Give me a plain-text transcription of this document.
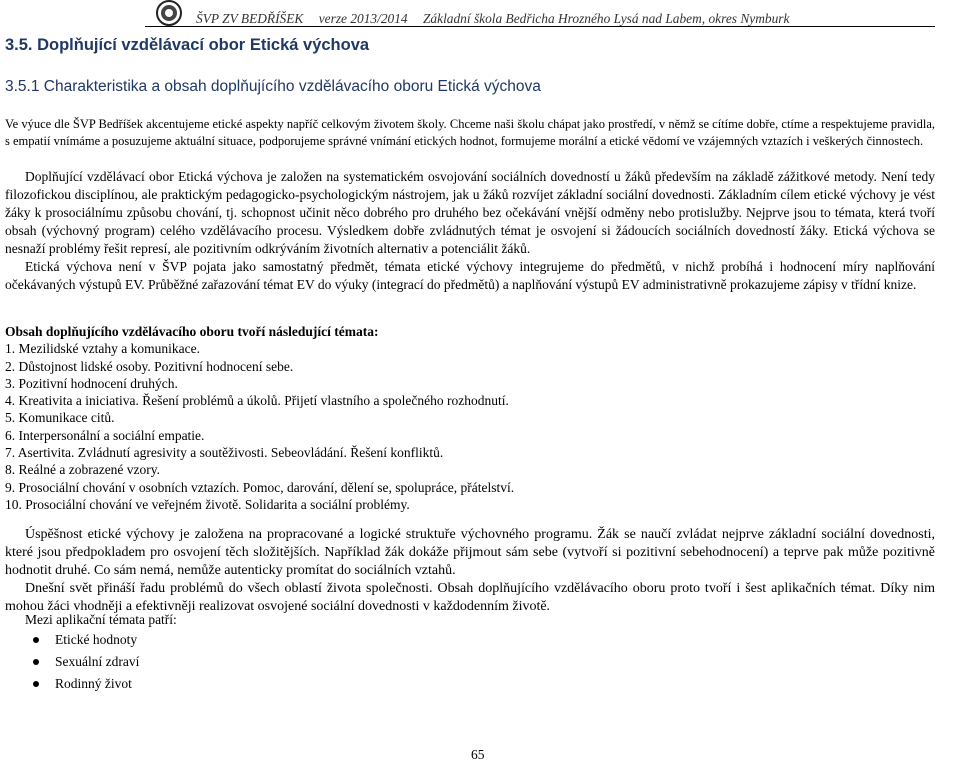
ŠVP ZV BEDŘÍŠEK verze 2013/2014 Základní škola Bedřicha Hrozného Lysá nad Labem, okres Nymburk
3.5. Doplňující vzdělávací obor Etická výchova
3.5.1 Charakteristika a obsah doplňujícího vzdělávacího oboru Etická výchova

Ve výuce dle ŠVP Bedříšek akcentujeme etické aspekty napříč celkovým životem školy. Chceme naši školu chápat jako prostředí, v němž se cítíme dobře, ctíme a respektujeme pravidla, s empatií vnímáme a posuzujeme aktuální situace, podporujeme správné vnímání etických hodnot, formujeme morální a etické vědomí ve vzájemných vztazích i veškerých činnostech.

Doplňující vzdělávací obor Etická výchova je založen na systematickém osvojování sociálních dovedností u žáků především na základě zážitkové metody. Není tedy filozofickou disciplínou, ale praktickým pedagogicko-psychologickým nástrojem, jak u žáků rozvíjet základní sociální dovednosti. Základním cílem etické výchovy je vést žáky k prosociálnímu způsobu chování, tj. schopnost učinit něco dobrého pro druhého bez očekávání vnější odměny nebo protislužby. Nejprve jsou to témata, která tvoří obsah (výchovný program) celého vzdělávacího procesu. Výsledkem dobře zvládnutých témat je osvojení si žádoucích sociálních dovedností žáky. Etická výchova se nesnaží problémy řešit represí, ale pozitivním odkrýváním životních alternativ a potenciálit žáků.

Etická výchova není v ŠVP pojata jako samostatný předmět, témata etické výchovy integrujeme do předmětů, v nichž probíhá i hodnocení míry naplňování očekávaných výstupů EV. Průběžné zařazování témat EV do výuky (integrací do předmětů) a naplňování výstupů EV administrativně prokazujeme zápisy v třídní knize.

Obsah doplňujícího vzdělávacího oboru tvoří následující témata:
1. Mezilidské vztahy a komunikace.
2. Důstojnost lidské osoby. Pozitivní hodnocení sebe.
3. Pozitivní hodnocení druhých.
4. Kreativita a iniciativa. Řešení problémů a úkolů. Přijetí vlastního a společného rozhodnutí.
5. Komunikace citů.
6. Interpersonální a sociální empatie.
7. Asertivita. Zvládnutí agresivity a soutěživosti. Sebeovládání. Řešení konfliktů.
8. Reálné a zobrazené vzory.
9. Prosociální chování v osobních vztazích. Pomoc, darování, dělení se, spolupráce, přátelství.
10. Prosociální chování ve veřejném životě. Solidarita a sociální problémy.

Úspěšnost etické výchovy je založena na propracované a logické struktuře výchovného programu. Žák se naučí zvládat nejprve základní sociální dovednosti, které jsou předpokladem pro osvojení těch složitějších. Například žák dokáže přijmout sám sebe (vytvoří si pozitivní sebehodnocení) a teprve pak může pozitivně hodnotit druhé. Co sám nemá, nemůže autenticky promítat do sociálních vztahů.

Dnešní svět přináší řadu problémů do všech oblastí života společnosti. Obsah doplňujícího vzdělávacího oboru proto tvoří i šest aplikačních témat. Díky nim mohou žáci vhodněji a efektivněji realizovat osvojené sociální dovednosti v každodenním životě.

Mezi aplikační témata patří:
Etické hodnoty
Sexuální zdraví
Rodinný život
65
